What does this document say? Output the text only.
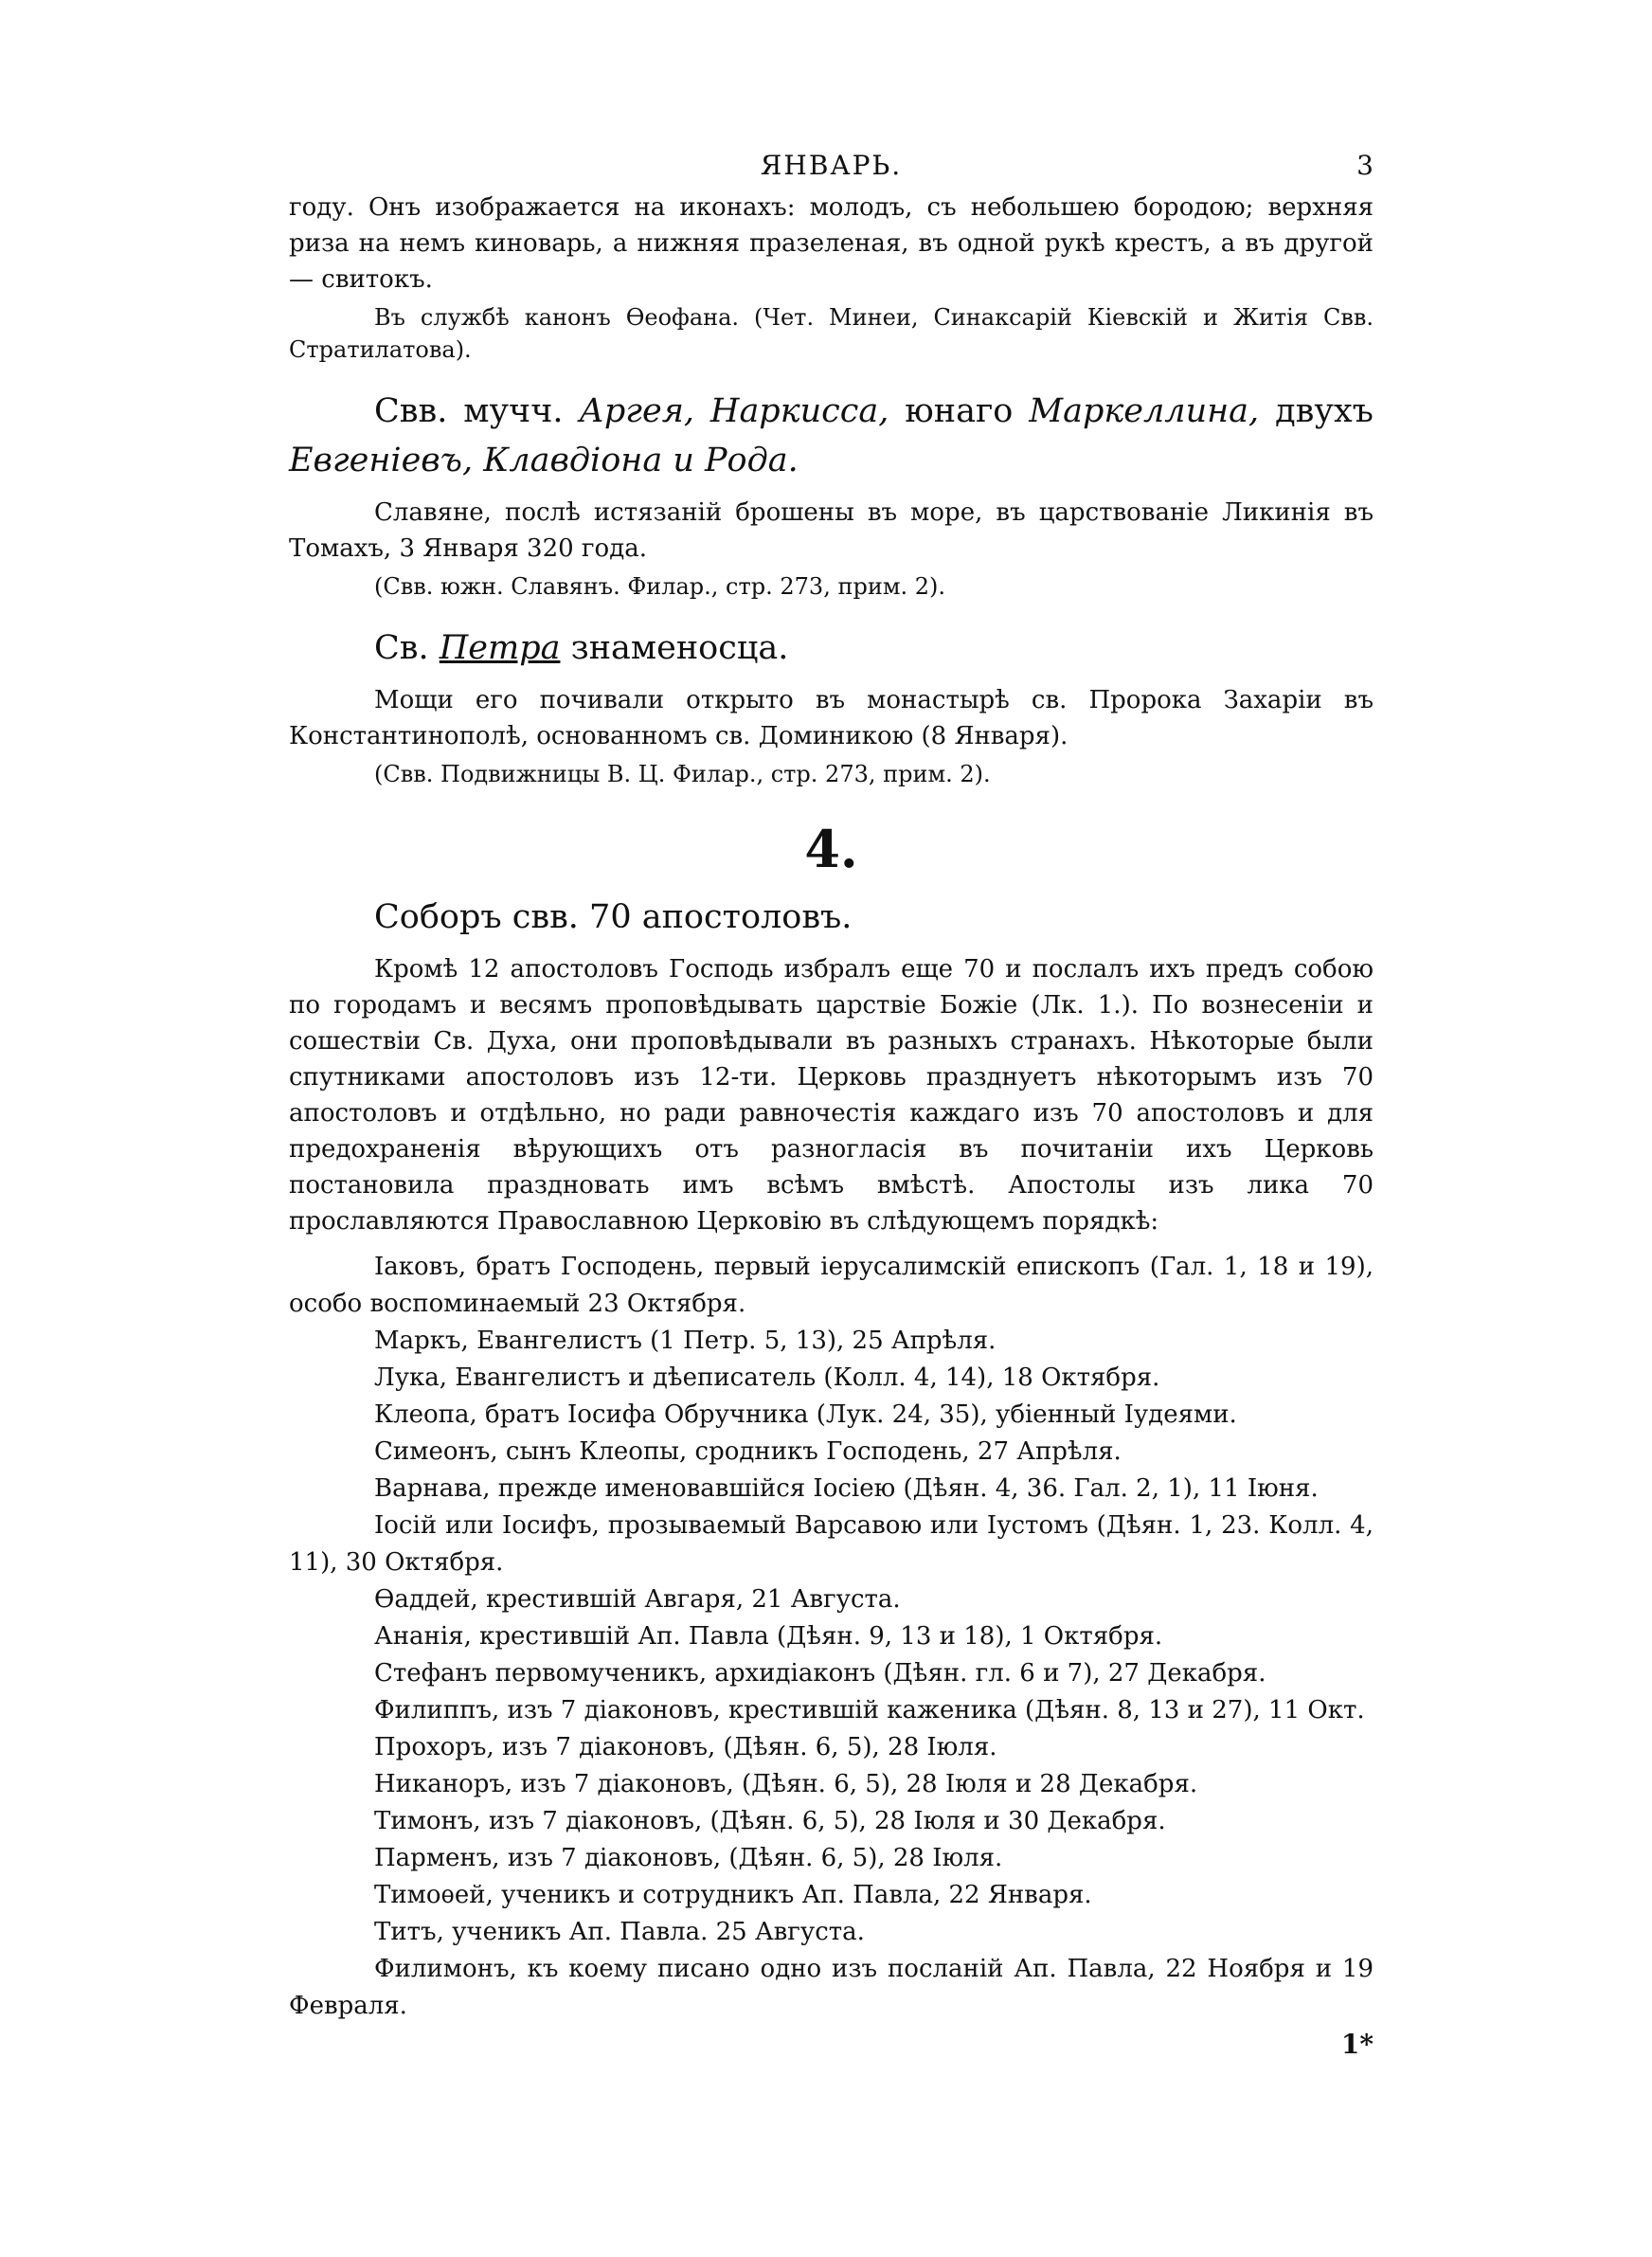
ЯНВАРЬ.	3

году. Онъ изображается на иконахъ: молодъ, съ небольшею бородою; верхняя риза на немъ киноварь, а нижняя празеленая, въ одной рукѣ крестъ, а въ другой— свитокъ.

Въ службѣ канонъ Өеофана. (Чет. Минеи, Синаксарій Кіевскій и Житія Свв. Стратилатова).

Свв. мучч. Аргея, Наркисса, юнаго Маркеллина, двухъ Евгеніевъ, Клавдіона и Рода.

Славяне, послѣ истязаній брошены въ море, въ царствованіе Ликинія въ Томахъ, 3 Января 320 года.

(Свв. южн. Славянъ. Филар., стр. 273, прим. 2).

Св. Петра знаменосца.

Мощи его почивали открыто въ монастырѣ св. Пророка Захаріи въ Константинополѣ, основанномъ св. Доминикою (8 Января).

(Свв. Подвижницы В. Ц. Филар., стр. 273, прим. 2).

4.
Соборъ свв. 70 апостоловъ.

Кромѣ 12 апостоловъ Господь избралъ еще 70 и послалъ ихъ предъ собою по городамъ и весямъ проповѣдывать царствіе Божіе (Лк. 1.). По вознесеніи и сошествіи Св. Духа, они проповѣдывали въ разныхъ странахъ. Нѣкоторые были спутниками апостоловъ изъ 12-ти. Церковь празднуетъ нѣкоторымъ изъ 70 апостоловъ и отдѣльно, но ради равночестія каждаго изъ 70 апостоловъ и для предохраненія вѣрующихъ отъ разногласія въ почитаніи ихъ Церковь постановила праздновать имъ всѣмъ вмѣстѣ. Апостолы изъ лика 70 прославляются Православною Церковію въ слѣдующемъ порядкѣ:

Іаковъ, братъ Господень, первый іерусалимскій епископъ (Гал. 1, 18 и 19), особо воспоминаемый 23 Октября.

Маркъ, Евангелистъ (1 Петр. 5, 13), 25 Апрѣля.

Лука, Евангелистъ и дѣеписатель (Колл. 4, 14), 18 Октября.

Клеопа, братъ Іосифа Обручника (Лук. 24, 35), убіенный Іудеями.

Симеонъ, сынъ Клеопы, сродникъ Господень, 27 Апрѣля.

Варнава, прежде именовавшійся Іосіею (Дѣян. 4, 36. Гал. 2, 1), 11 Іюня.

Іосій или Іосифъ, прозываемый Варсавою или Іустомъ (Дѣян. 1, 23. Колл. 4, 11), 30 Октября.

Өаддей, крестившій Авгаря, 21 Августа.

Ананія, крестившій Ап. Павла (Дѣян. 9, 13 и 18), 1 Октября.

Стефанъ первомученикъ, архидіаконъ (Дѣян. гл. 6 и 7), 27 Декабря.

Филиппъ, изъ 7 діаконовъ, крестившій каженика (Дѣян. 8, 13 и 27), 11 Окт.

Прохоръ, изъ 7 діаконовъ, (Дѣян. 6, 5), 28 Іюля.

Никаноръ, изъ 7 діаконовъ, (Дѣян. 6, 5), 28 Іюля и 28 Декабря.

Тимонъ, изъ 7 діаконовъ, (Дѣян. 6, 5), 28 Іюля и 30 Декабря.

Парменъ, изъ 7 діаконовъ, (Дѣян. 6, 5), 28 Іюля.

Тимоѳей, ученикъ и сотрудникъ Ап. Павла, 22 Января.

Титъ, ученикъ Ап. Павла. 25 Августа.

Филимонъ, къ коему писано одно изъ посланій Ап. Павла, 22 Ноября и 19 Февраля.

1*
